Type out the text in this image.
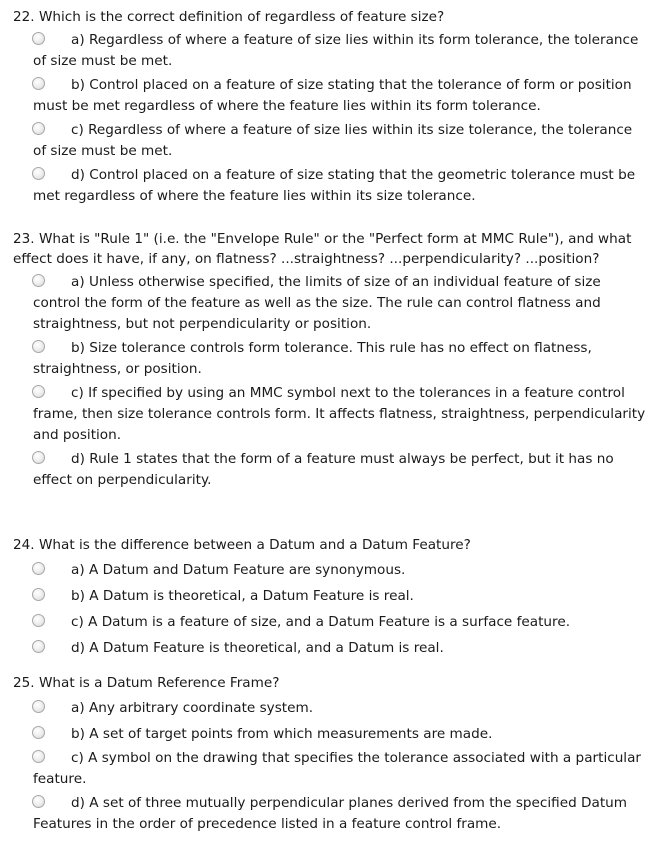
22. Which is the correct definition of regardless of feature size?
a) Regardless of where a feature of size lies within its form tolerance, the tolerance of size must be met.
b) Control placed on a feature of size stating that the tolerance of form or position must be met regardless of where the feature lies within its form tolerance.
c) Regardless of where a feature of size lies within its size tolerance, the tolerance of size must be met.
d) Control placed on a feature of size stating that the geometric tolerance must be met regardless of where the feature lies within its size tolerance.
23. What is "Rule 1" (i.e. the "Envelope Rule" or the "Perfect form at MMC Rule"), and what effect does it have, if any, on flatness? ...straightness? ...perpendicularity? ...position?
a) Unless otherwise specified, the limits of size of an individual feature of size control the form of the feature as well as the size. The rule can control flatness and straightness, but not perpendicularity or position.
b) Size tolerance controls form tolerance. This rule has no effect on flatness, straightness, or position.
c) If specified by using an MMC symbol next to the tolerances in a feature control frame, then size tolerance controls form. It affects flatness, straightness, perpendicularity and position.
d) Rule 1 states that the form of a feature must always be perfect, but it has no effect on perpendicularity.
24. What is the difference between a Datum and a Datum Feature?
a) A Datum and Datum Feature are synonymous.
b) A Datum is theoretical, a Datum Feature is real.
c) A Datum is a feature of size, and a Datum Feature is a surface feature.
d) A Datum Feature is theoretical, and a Datum is real.
25. What is a Datum Reference Frame?
a) Any arbitrary coordinate system.
b) A set of target points from which measurements are made.
c) A symbol on the drawing that specifies the tolerance associated with a particular feature.
d) A set of three mutually perpendicular planes derived from the specified Datum Features in the order of precedence listed in a feature control frame.
